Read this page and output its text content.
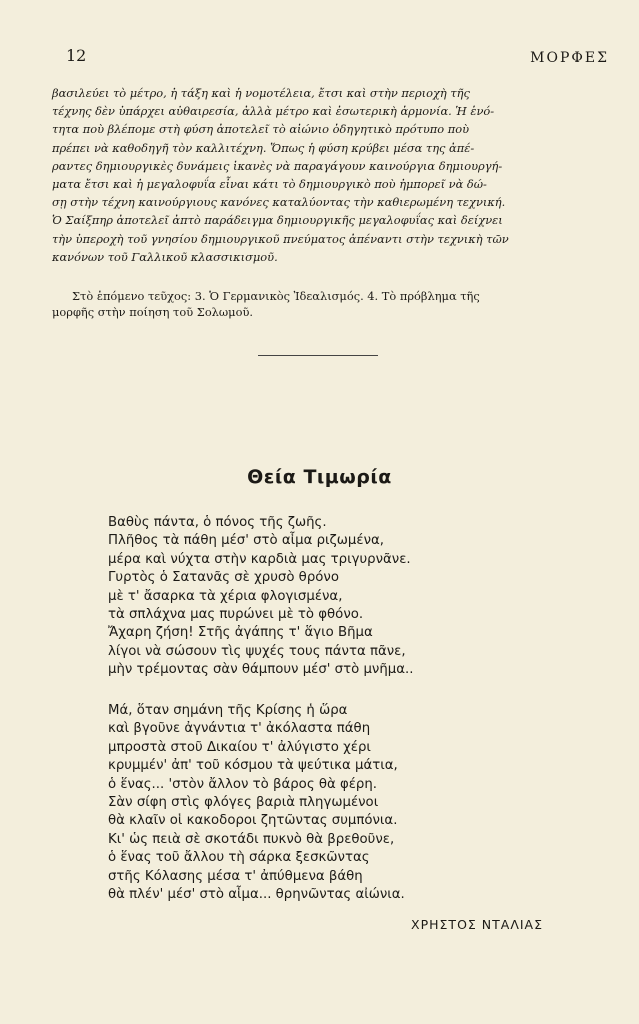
12	ΜΟΡΦΕΣ

βασιλεύει τὸ μέτρο, ἡ τάξη καὶ ἡ νομοτέλεια, ἔτσι καὶ στὴν περιοχὴ τῆς

τέχνης δὲν ὑπάρχει αὐθαιρεσία, ἀλλὰ μέτρο καὶ ἐσωτερικὴ ἁρμονία. Ἡ ἑνό-

τητα ποὺ βλέπομε στὴ φύση ἀποτελεῖ τὸ αἰώνιο ὁδηγητικὸ πρότυπο ποὺ

πρέπει νὰ καθοδηγῆ τὸν καλλιτέχνη. Ὅπως ἡ φύση κρύβει μέσα της ἀπέ-

ραντες δημιουργικὲς δυνάμεις ἱκανὲς νὰ παραγάγουν καινούργια δημιουργή-

ματα ἔτσι καὶ ἡ μεγαλοφυΐα εἶναι κάτι τὸ δημιουργικὸ ποὺ ἠμπορεῖ νὰ δώ-

σῃ στὴν τέχνη καινούργιους κανόνες καταλύοντας τὴν καθιερωμένη τεχνική.

Ὁ Σαίξπηρ ἀποτελεῖ ἀπτὸ παράδειγμα δημιουργικῆς μεγαλοφυΐας καὶ δείχνει

τὴν ὑπεροχὴ τοῦ γνησίου δημιουργικοῦ πνεύματος ἀπέναντι στὴν τεχνικὴ τῶν

κανόνων τοῦ Γαλλικοῦ κλασσικισμοῦ.

Στὸ ἑπόμενο τεῦχος: 3. Ὁ Γερμανικὸς Ἰδεαλισμός. 4. Τὸ πρόβλημα τῆς

μορφῆς στὴν ποίηση τοῦ Σολωμοῦ.

Θεία Τιμωρία

Βαθὺς πάντα, ὁ πόνος τῆς ζωῆς.

Πλῆθος τὰ πάθη μέσ' στὸ αἷμα ριζωμένα,

μέρα καὶ νύχτα στὴν καρδιὰ μας τριγυρνᾶνε.

Γυρτὸς ὁ Σατανᾶς σὲ χρυσὸ θρόνο

μὲ τ' ἄσαρκα τὰ χέρια φλογισμένα,

τὰ σπλάχνα μας πυρώνει μὲ τὸ φθόνο.

Ἄχαρη ζήση! Στῆς ἀγάπης τ' ἅγιο Βῆμα

λίγοι νὰ σώσουν τὶς ψυχές τους πάντα πᾶνε,

μὴν τρέμοντας σὰν θάμπουν μέσ' στὸ μνῆμα..

Μά, ὅταν σημάνη τῆς Κρίσης ἡ ὥρα

καὶ βγοῦνε ἀγνάντια τ' ἀκόλαστα πάθη

μπροστὰ στοῦ Δικαίου τ' ἀλύγιστο χέρι

κρυμμέν' ἀπ' τοῦ κόσμου τὰ ψεύτικα μάτια,

ὁ ἕνας... 'στὸν ἄλλον τὸ βάρος θὰ φέρη.

Σὰν σίφη στὶς φλόγες βαριὰ πληγωμένοι

θὰ κλαῖν οἱ κακοδοροι ζητῶντας συμπόνια.

Κι' ὡς πειὰ σὲ σκοτάδι πυκνὸ θὰ βρεθοῦνε,

ὁ ἕνας τοῦ ἄλλου τὴ σάρκα ξεσκῶντας

στῆς Κόλασης μέσα τ' ἀπύθμενα βάθη

θὰ πλέν' μέσ' στὸ αἷμα... θρηνῶντας αἰώνια.

ΧΡΗΣΤΟΣ ΝΤΑΛΙΑΣ
